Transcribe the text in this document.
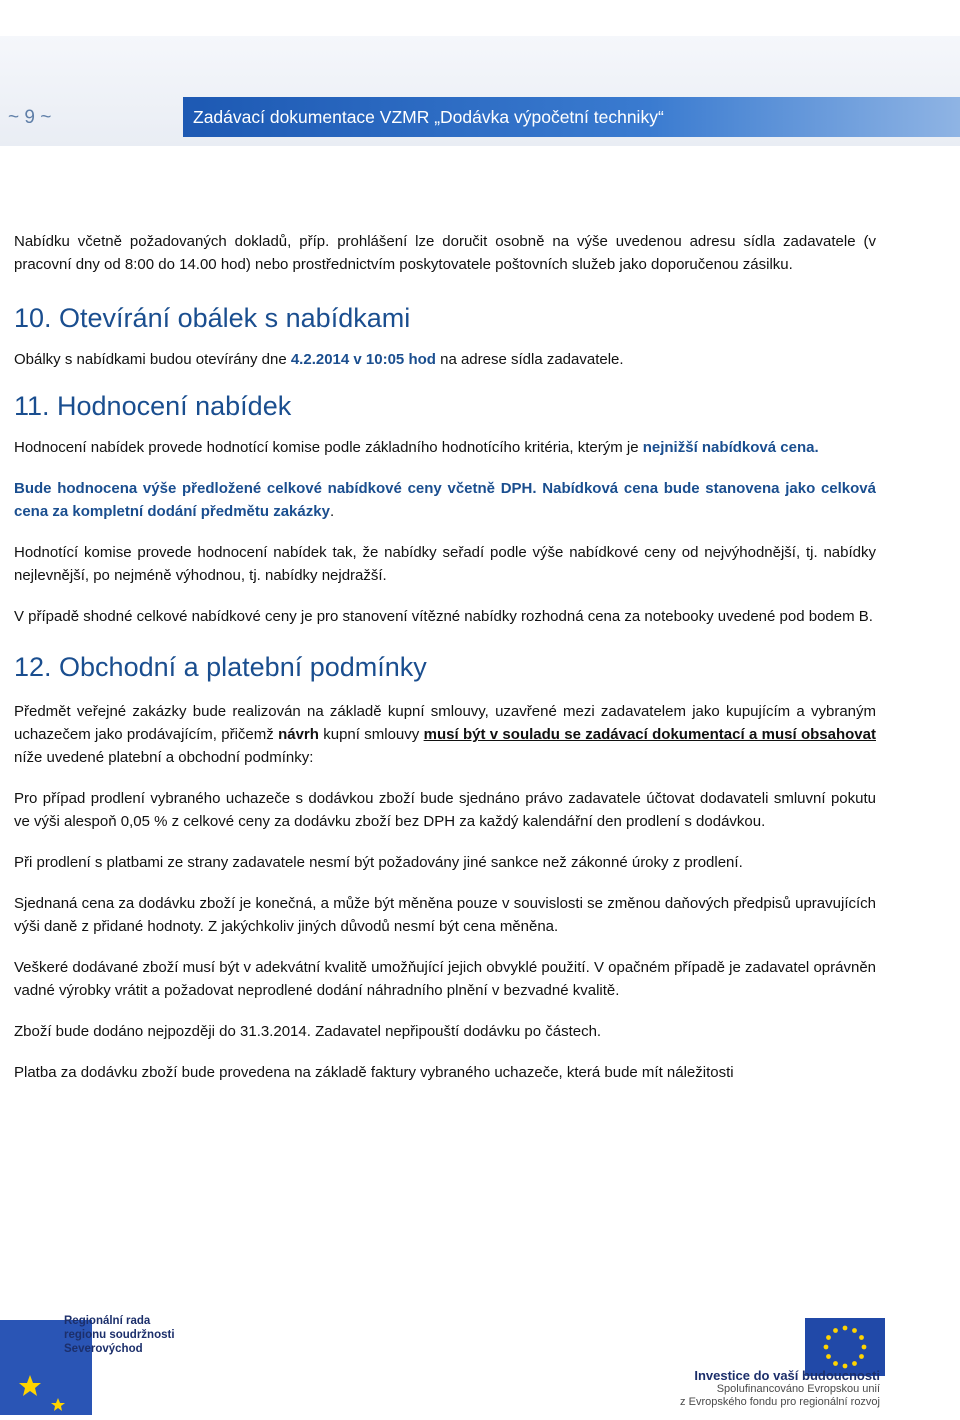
~ 9 ~	Zadávací dokumentace VZMR „Dodávka výpočetní techniky“

Nabídku včetně požadovaných dokladů, příp. prohlášení lze doručit osobně na výše uvedenou adresu sídla zadavatele (v pracovní dny od 8:00 do 14.00 hod) nebo prostřednictvím poskytovatele poštovních služeb jako doporučenou zásilku.

10. Otevírání obálek s nabídkami

Obálky s nabídkami budou otevírány dne 4.2.2014 v 10:05 hod na adrese sídla zadavatele.

11. Hodnocení nabídek

Hodnocení nabídek provede hodnotící komise podle základního hodnotícího kritéria, kterým je nejnižší nabídková cena.

Bude hodnocena výše předložené celkové nabídkové ceny včetně DPH. Nabídková cena bude stanovena jako celková cena za kompletní dodání předmětu zakázky.

Hodnotící komise provede hodnocení nabídek tak, že nabídky seřadí podle výše nabídkové ceny od nejvýhodnější, tj. nabídky nejlevnější, po nejméně výhodnou, tj. nabídky nejdražší.

V případě shodné celkové nabídkové ceny je pro stanovení vítězné nabídky rozhodná cena za notebooky uvedené pod bodem B.

12. Obchodní a platební podmínky

Předmět veřejné zakázky bude realizován na základě kupní smlouvy, uzavřené mezi zadavatelem jako kupujícím a vybraným uchazečem jako prodávajícím, přičemž návrh kupní smlouvy musí být v souladu se zadávací dokumentací a musí obsahovat níže uvedené platební a obchodní podmínky:

Pro případ prodlení vybraného uchazeče s dodávkou zboží bude sjednáno právo zadavatele účtovat dodavateli smluvní pokutu ve výši alespoň 0,05 % z celkové ceny za dodávku zboží bez DPH za každý kalendářní den prodlení s dodávkou.

Při prodlení s platbami ze strany zadavatele nesmí být požadovány jiné sankce než zákonné úroky z prodlení.

Sjednaná cena za dodávku zboží je konečná, a může být měněna pouze v souvislosti se změnou daňových předpisů upravujících výši daně z přidané hodnoty. Z jakýchkoliv jiných důvodů nesmí být cena měněna.

Veškeré dodávané zboží musí být v adekvátní kvalitě umožňující jejich obvyklé použití. V opačném případě je zadavatel oprávněn vadné výrobky vrátit a požadovat neprodlené dodání náhradního plnění v bezvadné kvalitě.

Zboží bude dodáno nejpozději do 31.3.2014. Zadavatel nepřipouští dodávku po částech.

Platba za dodávku zboží bude provedena na základě faktury vybraného uchazeče, která bude mít náležitosti

Regionální rada
regionu soudržnosti
Severovýchod
Investice do vaší budoucnosti
Spolufinancováno Evropskou unií
z Evropského fondu pro regionální rozvoj
